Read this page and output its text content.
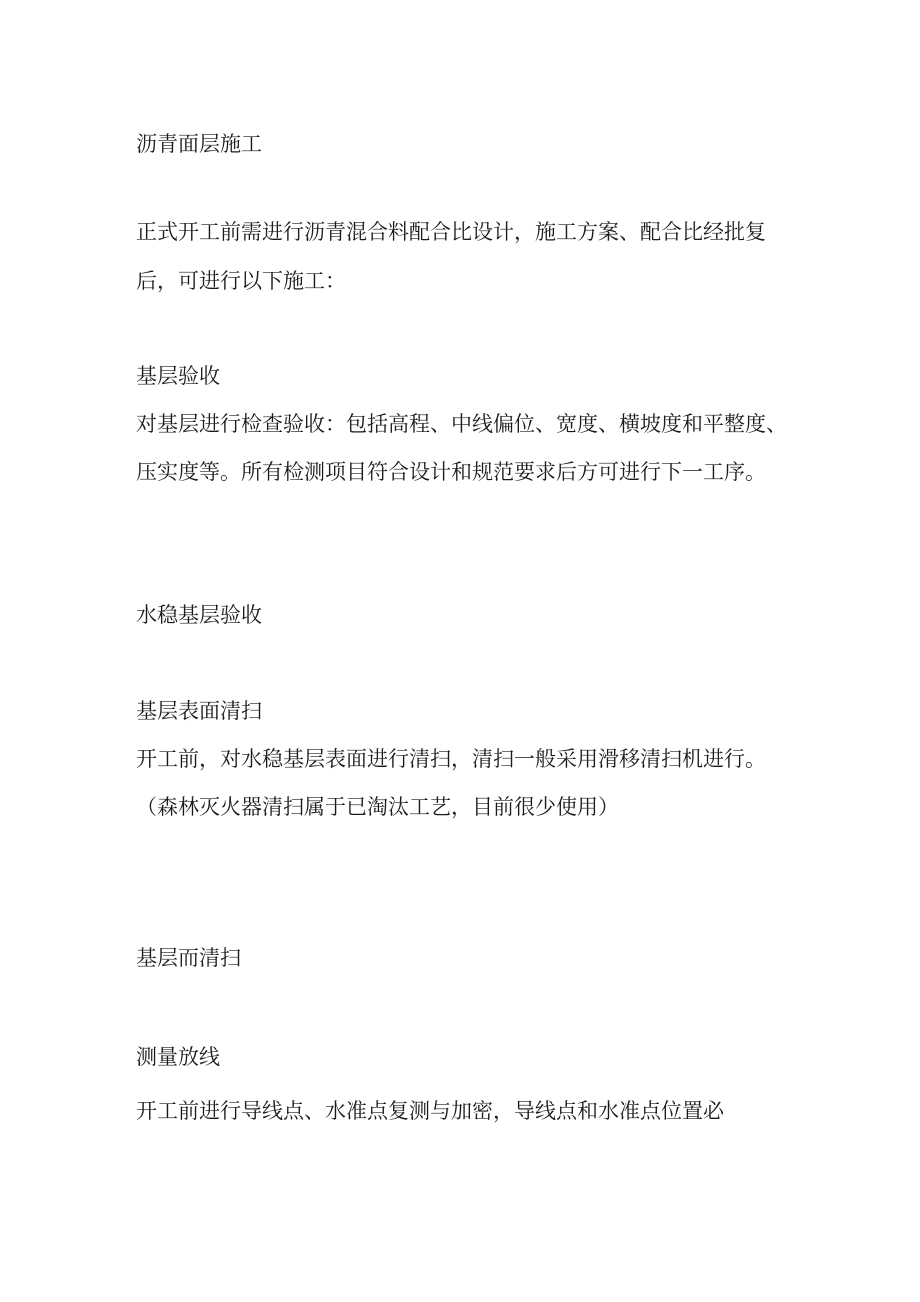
沥青面层施工
正式开工前需进行沥青混合料配合比设计，施工方案、配合比经批复
后，可进行以下施工：
基层验收
对基层进行检查验收：包括高程、中线偏位、宽度、横坡度和平整度、
压实度等。所有检测项目符合设计和规范要求后方可进行下一工序。
水稳基层验收
基层表面清扫
开工前，对水稳基层表面进行清扫，清扫一般采用滑移清扫机进行。
（森林灭火器清扫属于已淘汰工艺，目前很少使用）
基层而清扫
测量放线
开工前进行导线点、水准点复测与加密，导线点和水准点位置必
